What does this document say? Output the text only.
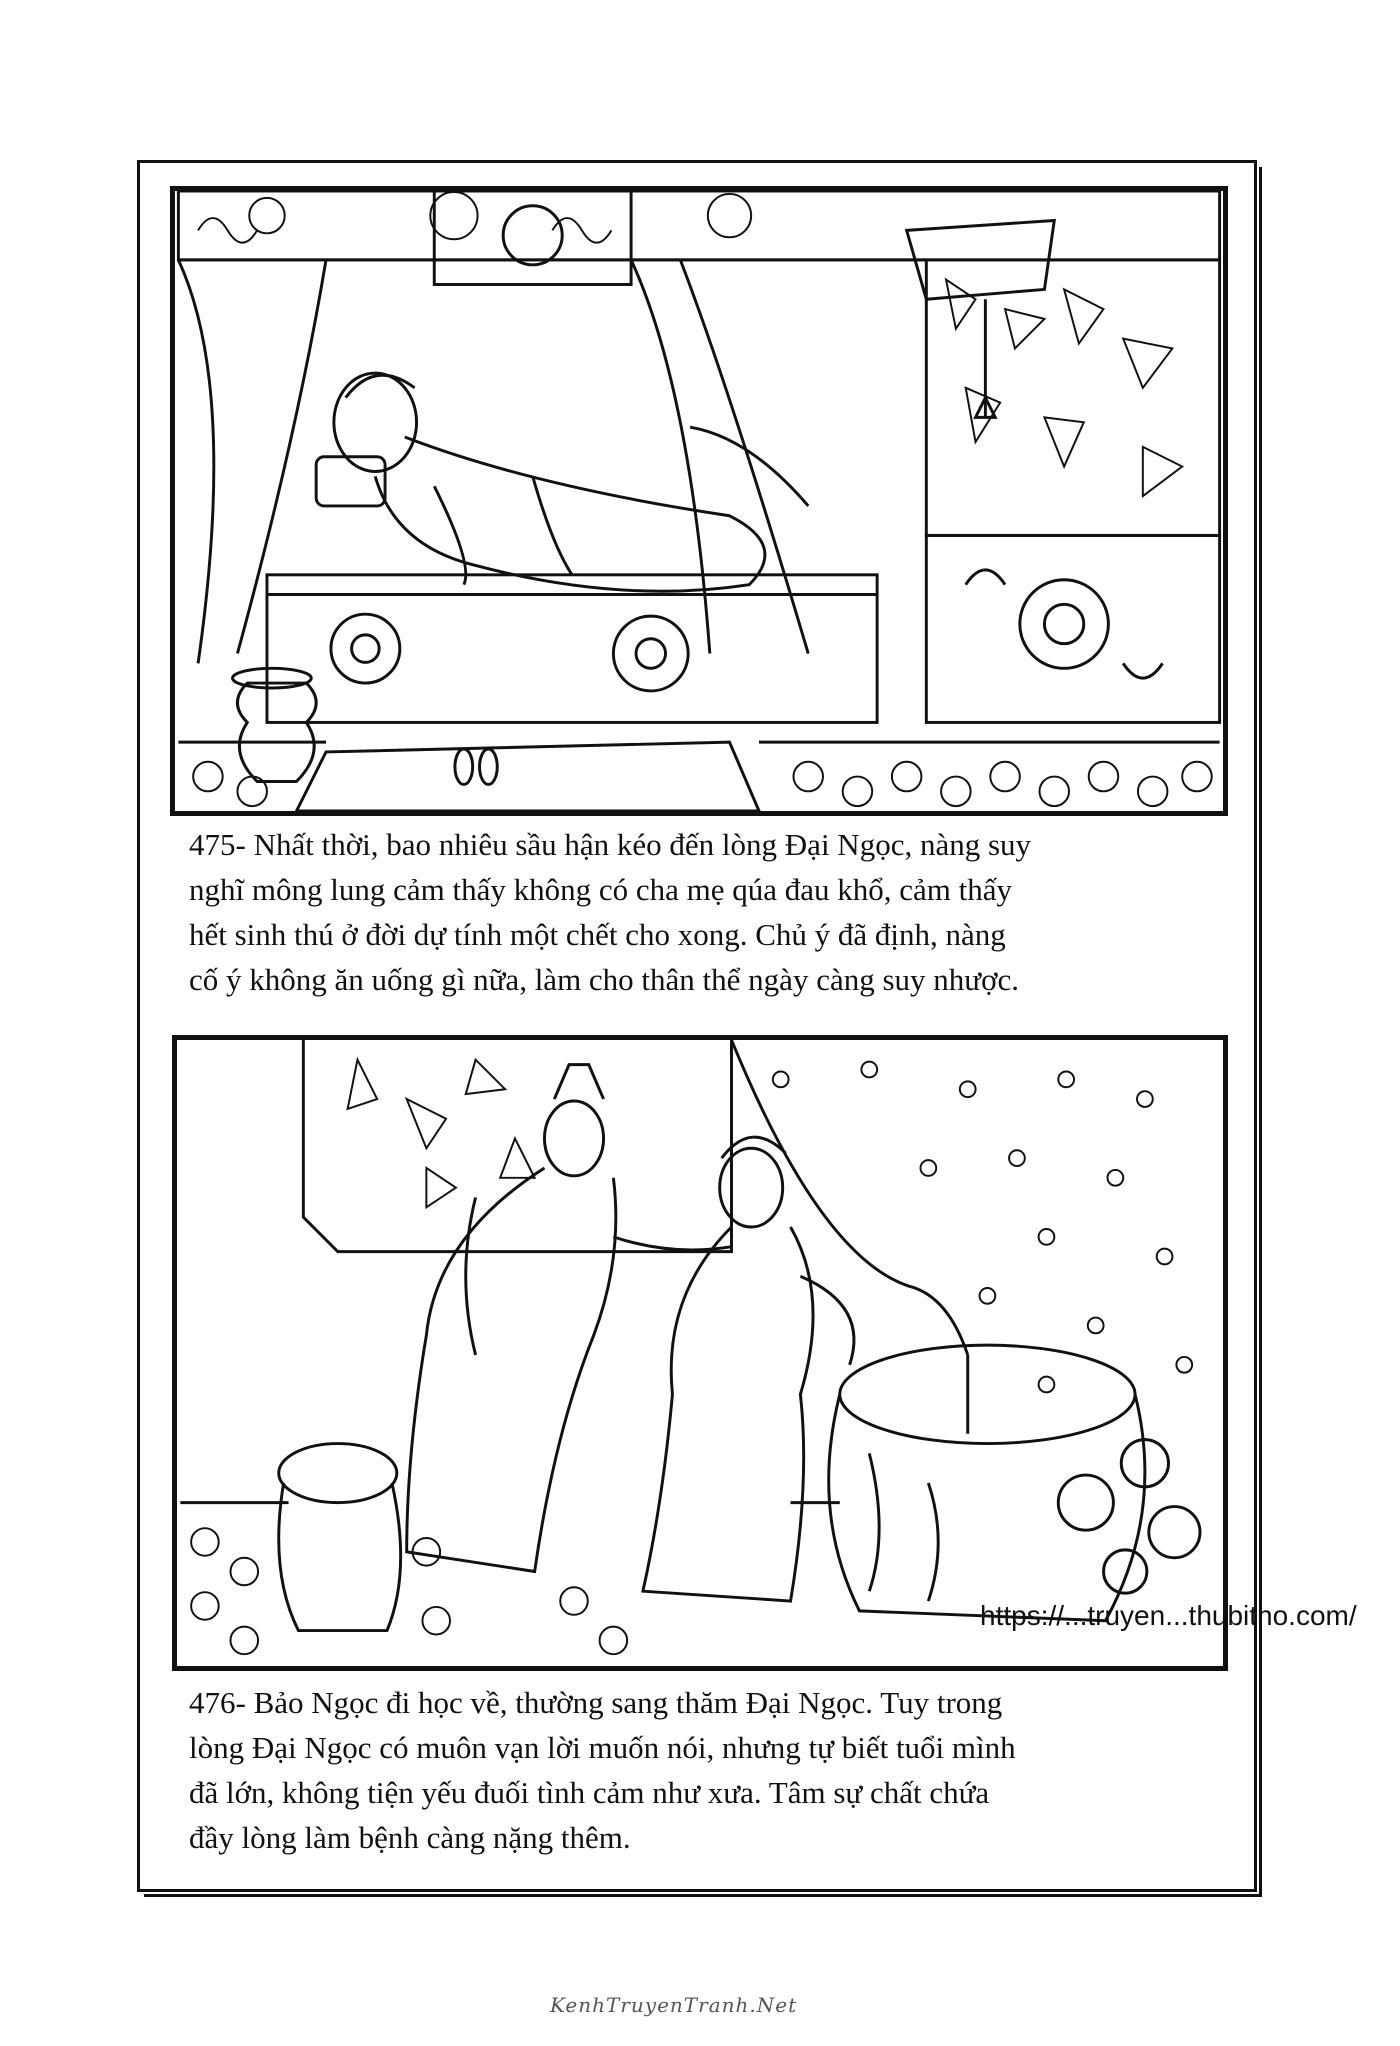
475- Nhất thời, bao nhiêu sầu hận kéo đến lòng Đại Ngọc, nàng suy
nghĩ mông lung cảm thấy không có cha mẹ qúa đau khổ, cảm thấy
hết sinh thú ở đời dự tính một chết cho xong. Chủ ý đã định, nàng
cố ý không ăn uống gì nữa, làm cho thân thể ngày càng suy nhược.
https://...truyen...thubitho.com/
476- Bảo Ngọc đi học về, thường sang thăm Đại Ngọc. Tuy trong
lòng Đại Ngọc có muôn vạn lời muốn nói, nhưng tự biết tuổi mình
đã lớn, không tiện yếu đuối tình cảm như xưa. Tâm sự chất chứa
đầy lòng làm bệnh càng nặng thêm.
KenhTruyenTranh.Net
